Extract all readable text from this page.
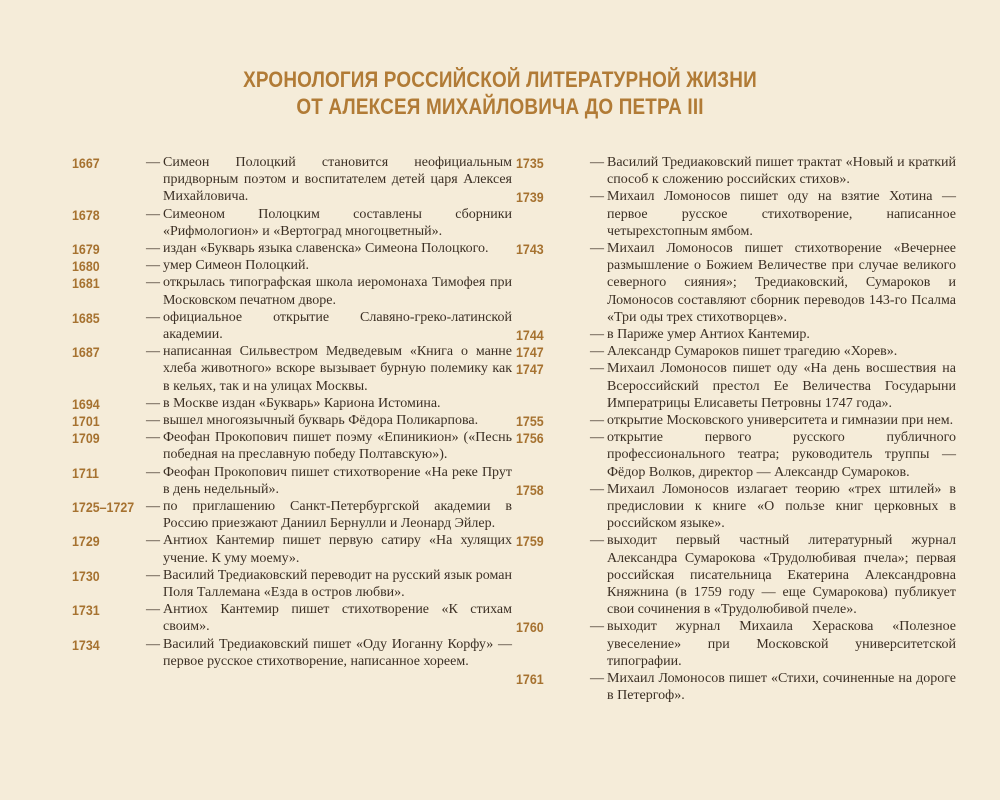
ХРОНОЛОГИЯ РОССИЙСКОЙ ЛИТЕРАТУРНОЙ ЖИЗНИ
ОТ АЛЕКСЕЯ МИХАЙЛОВИЧА ДО ПЕТРА III
1667	— Симеон Полоцкий становится неофициальным придворным поэтом и воспитателем детей царя Алексея Михайловича.
1678	— Симеоном Полоцким составлены сборники «Рифмологион» и «Вертоград многоцветный».
1679	— издан «Букварь языка славенска» Симеона Полоцкого.
1680	— умер Симеон Полоцкий.
1681	— открылась типографская школа иеромонаха Тимофея при Московском печатном дворе.
1685	— официальное открытие Славяно-греко-латинской академии.
1687	— написанная Сильвестром Медведевым «Книга о манне хлеба животного» вскоре вызывает бурную полемику как в кельях, так и на улицах Москвы.
1694	— в Москве издан «Букварь» Кариона Истомина.
1701	— вышел многоязычный букварь Фёдора Поликарпова.
1709	— Феофан Прокопович пишет поэму «Епиникион» («Песнь победная на преславную победу Полтавскую»).
1711	— Феофан Прокопович пишет стихотворение «На реке Прут в день недельный».
1725–1727 — по приглашению Санкт-Петербургской академии в Россию приезжают Даниил Бернулли и Леонард Эйлер.
1729	— Антиох Кантемир пишет первую сатиру «На хулящих учение. К уму моему».
1730	— Василий Тредиаковский переводит на русский язык роман Поля Таллемана «Езда в остров любви».
1731	— Антиох Кантемир пишет стихотворение «К стихам своим».
1734	— Василий Тредиаковский пишет «Оду Иоганну Корфу» — первое русское стихотворение, написанное хореем.
1735	— Василий Тредиаковский пишет трактат «Новый и краткий способ к сложению российских стихов».
1739	— Михаил Ломоносов пишет оду на взятие Хотина — первое русское стихотворение, написанное четырехстопным ямбом.
1743	— Михаил Ломоносов пишет стихотворение «Вечернее размышление о Божием Величестве при случае великого северного сияния»; Тредиаковский, Сумароков и Ломоносов составляют сборник переводов 143-го Псалма «Три оды трех стихотворцев».
1744	— в Париже умер Антиох Кантемир.
1747	— Александр Сумароков пишет трагедию «Хорев».
1747	— Михаил Ломоносов пишет оду «На день восшествия на Всероссийский престол Ее Величества Государыни Императрицы Елисаветы Петровны 1747 года».
1755	— открытие Московского университета и гимназии при нем.
1756	— открытие первого русского публичного профессионального театра; руководитель труппы — Фёдор Волков, директор — Александр Сумароков.
1758	— Михаил Ломоносов излагает теорию «трех штилей» в предисловии к книге «О пользе книг церковных в российском языке».
1759	— выходит первый частный литературный журнал Александра Сумарокова «Трудолюбивая пчела»; первая российская писательница Екатерина Александровна Княжнина (в 1759 году — еще Сумарокова) публикует свои сочинения в «Трудолюбивой пчеле».
1760	— выходит журнал Михаила Хераскова «Полезное увеселение» при Московской университетской типографии.
1761	— Михаил Ломоносов пишет «Стихи, сочиненные на дороге в Петергоф».
